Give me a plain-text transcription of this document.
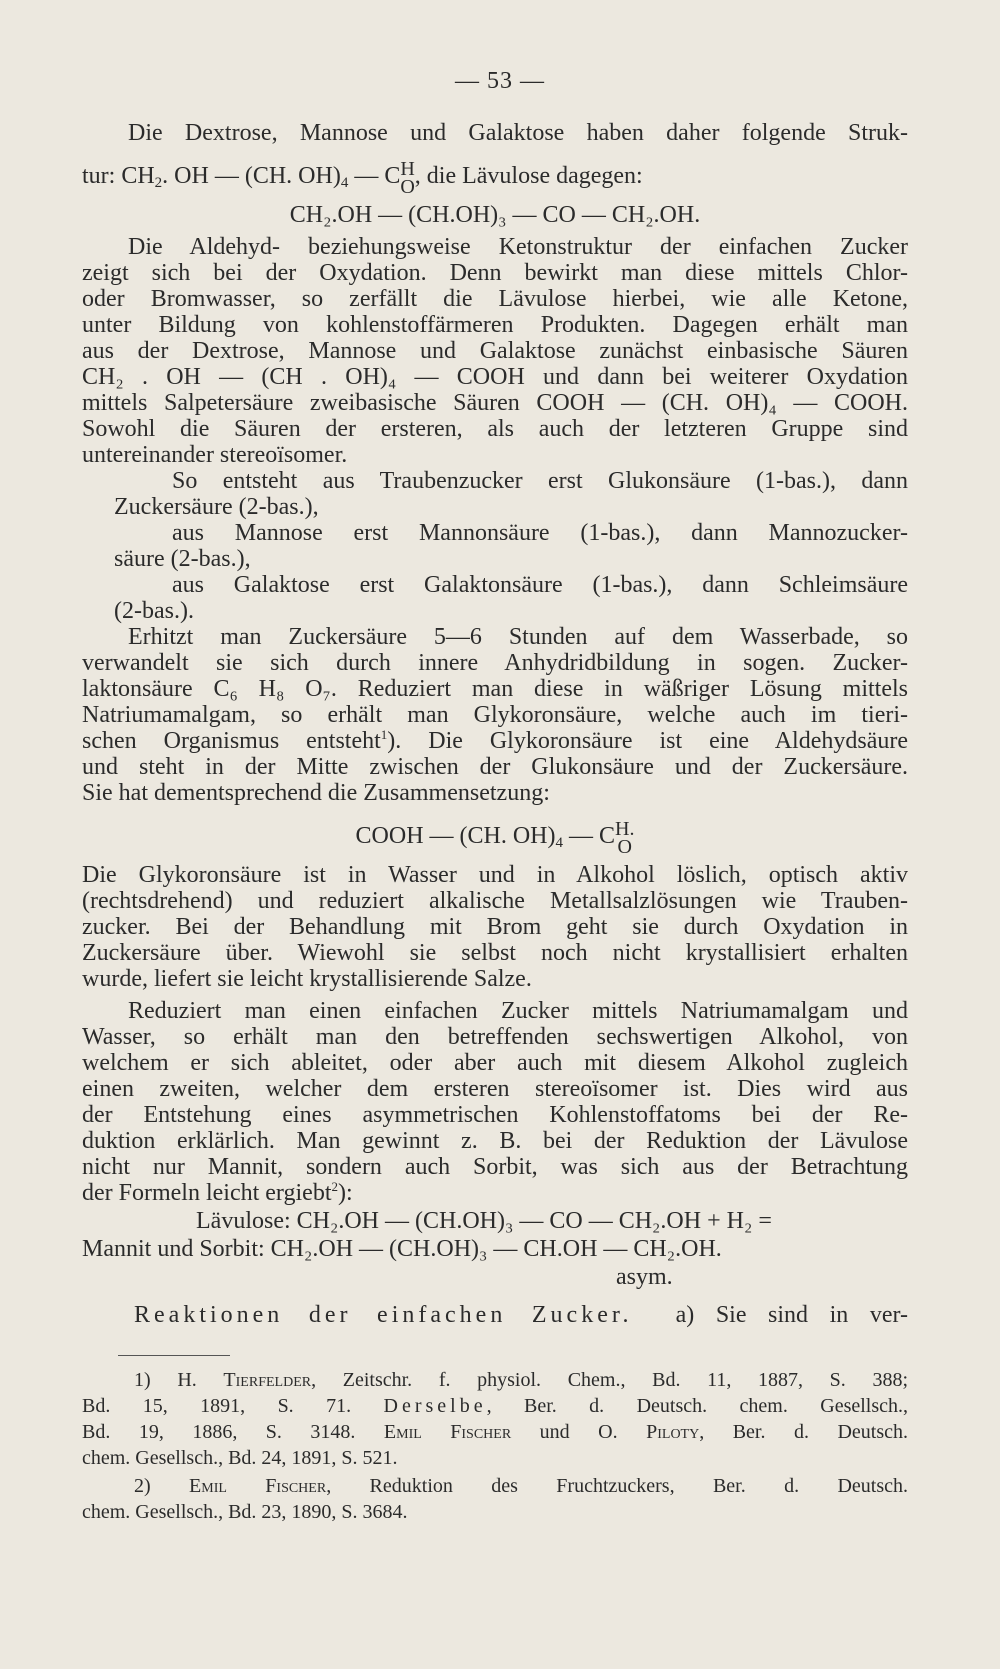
— 53 —
Die Dextrose, Mannose und Galaktose haben daher folgende Struk-
tur: $CH_2$. OH — (CH. $OH)_4$ — C H
O , die Lävulose dagegen:
CH₂.OH — (CH.OH)₃ — CO — CH₂.OH.
Die Aldehyd- beziehungsweise Ketonstruktur der einfachen Zucker
zeigt sich bei der Oxydation. Denn bewirkt man diese mittels Chlor-
oder Bromwasser, so zerfällt die Lävulose hierbei, wie alle Ketone,
unter Bildung von kohlenstoffärmeren Produkten. Dagegen erhält man
aus der Dextrose, Mannose und Galaktose zunächst einbasische Säuren
CH₂ . OH — (CH . OH)₄ — COOH und dann bei weiterer Oxydation
mittels Salpetersäure zweibasische Säuren COOH — (CH. OH)₄ — COOH.
Sowohl die Säuren der ersteren, als auch der letzteren Gruppe sind
untereinander stereoïsomer.
So entsteht aus Traubenzucker erst Glukonsäure (1-bas.), dann
Zuckersäure (2-bas.),
aus Mannose erst Mannonsäure (1-bas.), dann Mannozucker-
säure (2-bas.),
aus Galaktose erst Galaktonsäure (1-bas.), dann Schleimsäure
(2-bas.).
Erhitzt man Zuckersäure 5—6 Stunden auf dem Wasserbade, so
verwandelt sie sich durch innere Anhydridbildung in sogen. Zucker-
laktonsäure C₆ H₈ O₇. Reduziert man diese in wäßriger Lösung mittels
Natriumamalgam, so erhält man Glykoronsäure, welche auch im tieri-
schen Organismus entsteht$^1$). Die Glykoronsäure ist eine Aldehydsäure
und steht in der Mitte zwischen der Glukonsäure und der Zuckersäure.
Sie hat dementsprechend die Zusammensetzung:
COOH — (CH. $OH)_4$ — C H.
O
Die Glykoronsäure ist in Wasser und in Alkohol löslich, optisch aktiv
(rechtsdrehend) und reduziert alkalische Metallsalzlösungen wie Trauben-
zucker. Bei der Behandlung mit Brom geht sie durch Oxydation in
Zuckersäure über. Wiewohl sie selbst noch nicht krystallisiert erhalten
wurde, liefert sie leicht krystallisierende Salze.
Reduziert man einen einfachen Zucker mittels Natriumamalgam und
Wasser, so erhält man den betreffenden sechswertigen Alkohol, von
welchem er sich ableitet, oder aber auch mit diesem Alkohol zugleich
einen zweiten, welcher dem ersteren stereoïsomer ist. Dies wird aus
der Entstehung eines asymmetrischen Kohlenstoffatoms bei der Re-
duktion erklärlich. Man gewinnt z. B. bei der Reduktion der Lävulose
nicht nur Mannit, sondern auch Sorbit, was sich aus der Betrachtung
der Formeln leicht ergiebt$^2$):
Lävulose: CH₂.OH — (CH.OH)₃ — CO — CH₂.OH + H₂ =
Mannit und Sorbit: CH₂.OH — (CH.OH)₃ — CH.OH — CH₂.OH.
asym.
Reaktionen der einfachen Zucker. a) Sie sind in ver-
1) H. Tierfelder, Zeitschr. f. physiol. Chem., Bd. 11, 1887, S. 388;
Bd. 15, 1891, S. 71. Derselbe, Ber. d. Deutsch. chem. Gesellsch.,
Bd. 19, 1886, S. 3148. Emil Fischer und O. Piloty, Ber. d. Deutsch.
chem. Gesellsch., Bd. 24, 1891, S. 521.
2) Emil Fischer, Reduktion des Fruchtzuckers, Ber. d. Deutsch.
chem. Gesellsch., Bd. 23, 1890, S. 3684.
